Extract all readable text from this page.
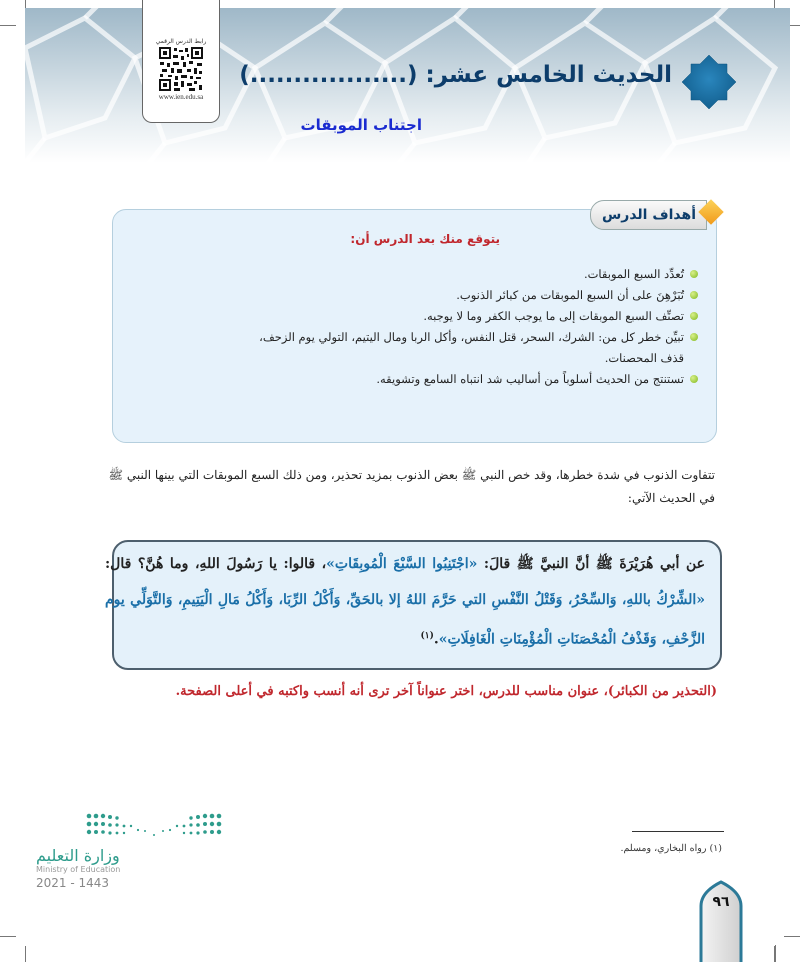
رابط الدرس الرقمي
www.ien.edu.sa
الحديث الخامس عشر: (..................)
اجتناب الموبقات
أهداف الدرس
يتوقع منك بعد الدرس أن:
تُعدِّد السبع الموبقات.
تُبَرْهِنَ على أن السبع الموبقات من كبائر الذنوب.
تصنِّف السبع الموبقات إلى ما يوجب الكفر وما لا يوجبه.
تبيِّن خطر كل من: الشرك، السحر، قتل النفس، وأكل الربا ومال اليتيم، التولي يوم الزحف، قذف المحصنات.
تستنتج من الحديث أسلوباً من أساليب شد انتباه السامع وتشويقه.
تتفاوت الذنوب في شدة خطرها، وقد خص النبي ﷺ بعض الذنوب بمزيد تحذير، ومن ذلك السبع الموبقات التي بينها النبي ﷺ في الحديث الآتي:
عن أبي هُرَيْرَةَ ﷺ أنَّ النبيَّ ﷺ قالَ: «اجْتَنِبُوا السَّبْعَ الْمُوبِقَاتِ»، قالوا: يا رَسُولَ اللهِ، وما هُنَّ؟ قال: «الشِّرْكُ باللهِ، وَالسِّحْرُ، وَقَتْلُ النَّفْسِ التي حَرَّمَ اللهُ إلا بالحَقِّ، وَأَكْلُ الرِّبَا، وَأَكْلُ مَالِ الْيَتِيمِ، وَالتَّوَلِّي يوم الزَّحْفِ، وَقَذْفُ الْمُحْصَنَاتِ الْمُؤْمِنَاتِ الْغَافِلَاتِ».$^{(١)}$
(التحذير من الكبائر)، عنوان مناسب للدرس، اختر عنواناً آخر ترى أنه أنسب واكتبه في أعلى الصفحة.
(١) رواه البخاري، ومسلم.
٩٦
وزارة التعليم
Ministry of Education
2021 - 1443
